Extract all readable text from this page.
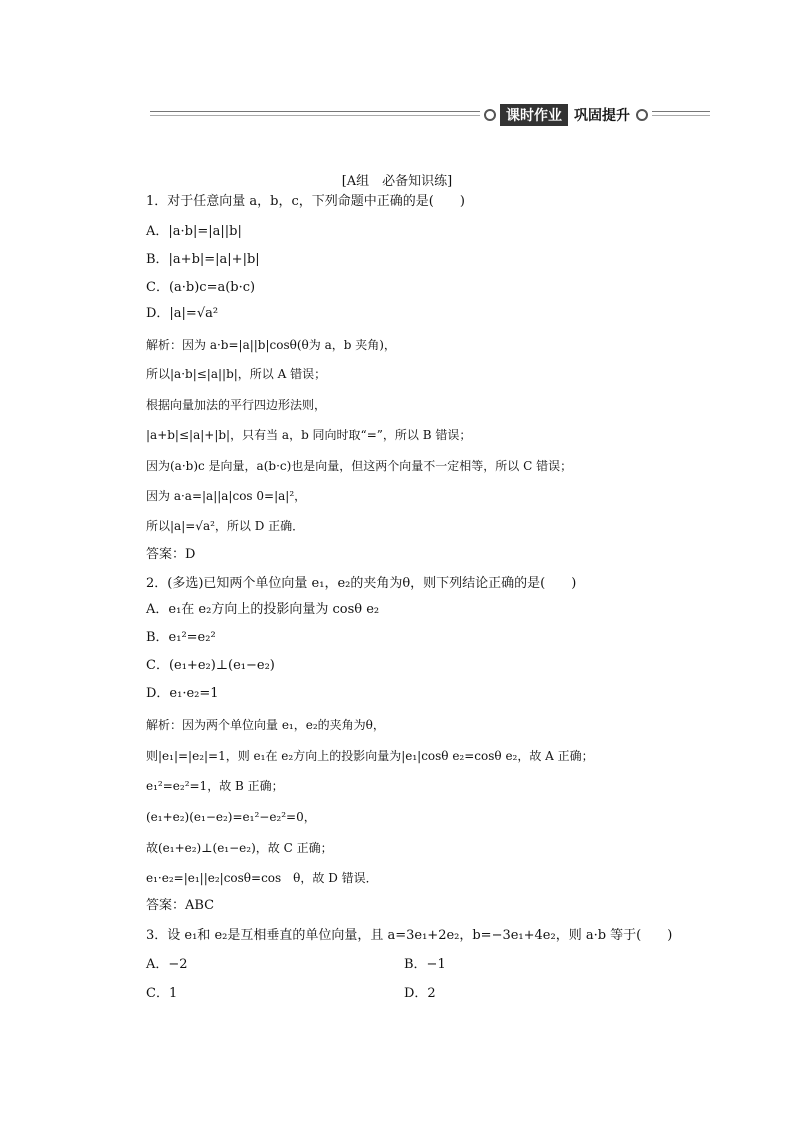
课时作业 巩固提升
[A组　必备知识练]
1．对于任意向量 a，b，c，下列命题中正确的是(　　)
A．|a·b|=|a||b|
B．|a+b|=|a|+|b|
C．(a·b)c=a(b·c)
D．|a|=√a²
解析：因为 a·b=|a||b|cosθ(θ为 a，b 夹角)，
所以|a·b|≤|a||b|，所以 A 错误；
根据向量加法的平行四边形法则，
|a+b|≤|a|+|b|，只有当 a，b 同向时取“=”，所以 B 错误；
因为(a·b)c 是向量，a(b·c)也是向量，但这两个向量不一定相等，所以 C 错误；
因为 a·a=|a||a|cos 0=|a|²，
所以|a|=√a²，所以 D 正确．
答案：D
2．(多选)已知两个单位向量 e₁，e₂的夹角为θ，则下列结论正确的是(　　)
A．e₁在 e₂方向上的投影向量为 cosθ e₂
B．e₁²=e₂²
C．(e₁+e₂)⊥(e₁−e₂)
D．e₁·e₂=1
解析：因为两个单位向量 e₁，e₂的夹角为θ，
则|e₁|=|e₂|=1，则 e₁在 e₂方向上的投影向量为|e₁|cosθ e₂=cosθ e₂，故 A 正确；
e₁²=e₂²=1，故 B 正确；
(e₁+e₂)(e₁−e₂)=e₁²−e₂²=0，
故(e₁+e₂)⊥(e₁−e₂)，故 C 正确；
e₁·e₂=|e₁||e₂|cosθ=cos　θ，故 D 错误．
答案：ABC
3．设 e₁和 e₂是互相垂直的单位向量，且 a=3e₁+2e₂，b=−3e₁+4e₂，则 a·b 等于(　　)
A．−2	B．−1
C．1	D．2
